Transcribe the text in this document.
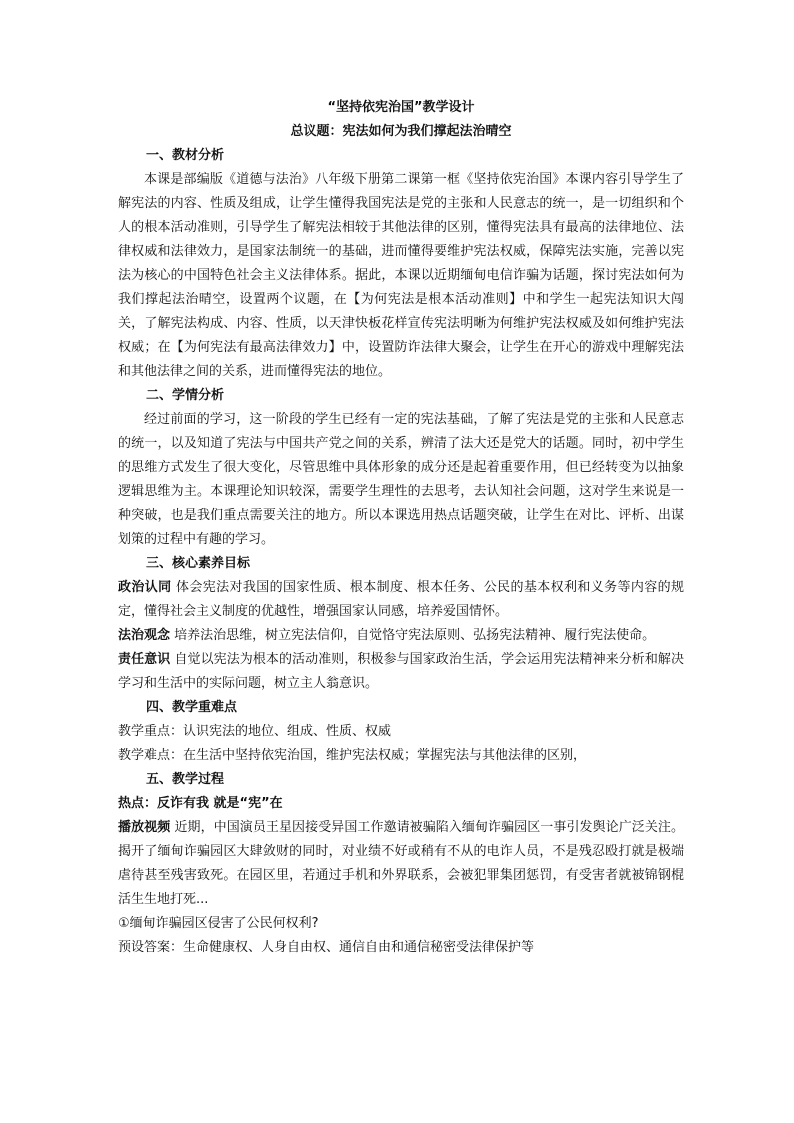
“坚持依宪治国”教学设计
总议题：宪法如何为我们撑起法治晴空
一、教材分析

本课是部编版《道德与法治》八年级下册第二课第一框《坚持依宪治国》本课内容引导学生了解宪法的内容、性质及组成，让学生懂得我国宪法是党的主张和人民意志的统一，是一切组织和个人的根本活动准则，引导学生了解宪法相较于其他法律的区别，懂得宪法具有最高的法律地位、法律权威和法律效力，是国家法制统一的基础，进而懂得要维护宪法权威，保障宪法实施，完善以宪法为核心的中国特色社会主义法律体系。据此，本课以近期缅甸电信诈骗为话题，探讨宪法如何为我们撑起法治晴空，设置两个议题，在【为何宪法是根本活动准则】中和学生一起宪法知识大闯关，了解宪法构成、内容、性质，以天津快板花样宣传宪法明晰为何维护宪法权威及如何维护宪法权威；在【为何宪法有最高法律效力】中，设置防诈法律大聚会，让学生在开心的游戏中理解宪法和其他法律之间的关系，进而懂得宪法的地位。

二、学情分析

经过前面的学习，这一阶段的学生已经有一定的宪法基础，了解了宪法是党的主张和人民意志的统一，以及知道了宪法与中国共产党之间的关系，辨清了法大还是党大的话题。同时，初中学生的思维方式发生了很大变化，尽管思维中具体形象的成分还是起着重要作用，但已经转变为以抽象逻辑思维为主。本课理论知识较深，需要学生理性的去思考，去认知社会问题，这对学生来说是一种突破，也是我们重点需要关注的地方。所以本课选用热点话题突破，让学生在对比、评析、出谋划策的过程中有趣的学习。

三、核心素养目标

政治认同 体会宪法对我国的国家性质、根本制度、根本任务、公民的基本权利和义务等内容的规定，懂得社会主义制度的优越性，增强国家认同感，培养爱国情怀。

法治观念 培养法治思维，树立宪法信仰，自觉恪守宪法原则、弘扬宪法精神、履行宪法使命。

责任意识 自觉以宪法为根本的活动准则，积极参与国家政治生活，学会运用宪法精神来分析和解决学习和生活中的实际问题，树立主人翁意识。

四、教学重难点

教学重点：认识宪法的地位、组成、性质、权威

教学难点：在生活中坚持依宪治国，维护宪法权威；掌握宪法与其他法律的区别，

五、教学过程

热点：反诈有我 就是“宪”在

播放视频 近期，中国演员王星因接受异国工作邀请被骗陷入缅甸诈骗园区一事引发舆论广泛关注。揭开了缅甸诈骗园区大肆敛财的同时，对业绩不好或稍有不从的电诈人员，不是残忍殴打就是极端虐待甚至残害致死。在园区里，若通过手机和外界联系，会被犯罪集团惩罚，有受害者就被锦钢棍活生生地打死...

①缅甸诈骗园区侵害了公民何权利?

预设答案：生命健康权、人身自由权、通信自由和通信秘密受法律保护等
